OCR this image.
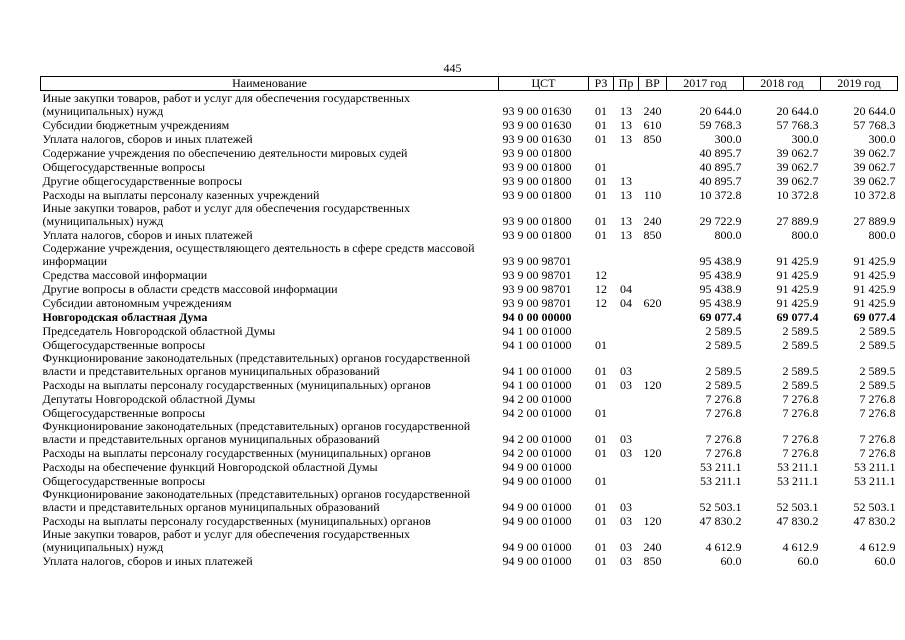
445
Наименование	ЦСТ	РЗ	Пр	ВР	2017 год	2018 год	2019 год
Иные закупки товаров, работ и услуг для обеспечения государственных (муниципальных) нужд	93 9 00 01630	01	13	240	20 644.0	20 644.0	20 644.0
Субсидии бюджетным учреждениям	93 9 00 01630	01	13	610	59 768.3	57 768.3	57 768.3
Уплата налогов, сборов и иных платежей	93 9 00 01630	01	13	850	300.0	300.0	300.0
Содержание учреждения по обеспечению деятельности мировых судей	93 9 00 01800				40 895.7	39 062.7	39 062.7
Общегосударственные вопросы	93 9 00 01800	01			40 895.7	39 062.7	39 062.7
Другие общегосударственные вопросы	93 9 00 01800	01	13		40 895.7	39 062.7	39 062.7
Расходы на выплаты персоналу казенных учреждений	93 9 00 01800	01	13	110	10 372.8	10 372.8	10 372.8
Иные закупки товаров, работ и услуг для обеспечения государственных (муниципальных) нужд	93 9 00 01800	01	13	240	29 722.9	27 889.9	27 889.9
Уплата налогов, сборов и иных платежей	93 9 00 01800	01	13	850	800.0	800.0	800.0
Содержание учреждения, осуществляющего деятельность в сфере средств массовой информации	93 9 00 98701				95 438.9	91 425.9	91 425.9
Средства массовой информации	93 9 00 98701	12			95 438.9	91 425.9	91 425.9
Другие вопросы в области средств массовой информации	93 9 00 98701	12	04		95 438.9	91 425.9	91 425.9
Субсидии автономным учреждениям	93 9 00 98701	12	04	620	95 438.9	91 425.9	91 425.9
Новгородская областная Дума	94 0 00 00000				69 077.4	69 077.4	69 077.4
Председатель Новгородской областной Думы	94 1 00 01000				2 589.5	2 589.5	2 589.5
Общегосударственные вопросы	94 1 00 01000	01			2 589.5	2 589.5	2 589.5
Функционирование законодательных (представительных) органов государственной власти и представительных органов муниципальных образований	94 1 00 01000	01	03		2 589.5	2 589.5	2 589.5
Расходы на выплаты персоналу государственных (муниципальных) органов	94 1 00 01000	01	03	120	2 589.5	2 589.5	2 589.5
Депутаты Новгородской областной Думы	94 2 00 01000				7 276.8	7 276.8	7 276.8
Общегосударственные вопросы	94 2 00 01000	01			7 276.8	7 276.8	7 276.8
Функционирование законодательных (представительных) органов государственной власти и представительных органов муниципальных образований	94 2 00 01000	01	03		7 276.8	7 276.8	7 276.8
Расходы на выплаты персоналу государственных (муниципальных) органов	94 2 00 01000	01	03	120	7 276.8	7 276.8	7 276.8
Расходы на обеспечение функций Новгородской областной Думы	94 9 00 01000				53 211.1	53 211.1	53 211.1
Общегосударственные вопросы	94 9 00 01000	01			53 211.1	53 211.1	53 211.1
Функционирование законодательных (представительных) органов государственной власти и представительных органов муниципальных образований	94 9 00 01000	01	03		52 503.1	52 503.1	52 503.1
Расходы на выплаты персоналу государственных (муниципальных) органов	94 9 00 01000	01	03	120	47 830.2	47 830.2	47 830.2
Иные закупки товаров, работ и услуг для обеспечения государственных (муниципальных) нужд	94 9 00 01000	01	03	240	4 612.9	4 612.9	4 612.9
Уплата налогов, сборов и иных платежей	94 9 00 01000	01	03	850	60.0	60.0	60.0
